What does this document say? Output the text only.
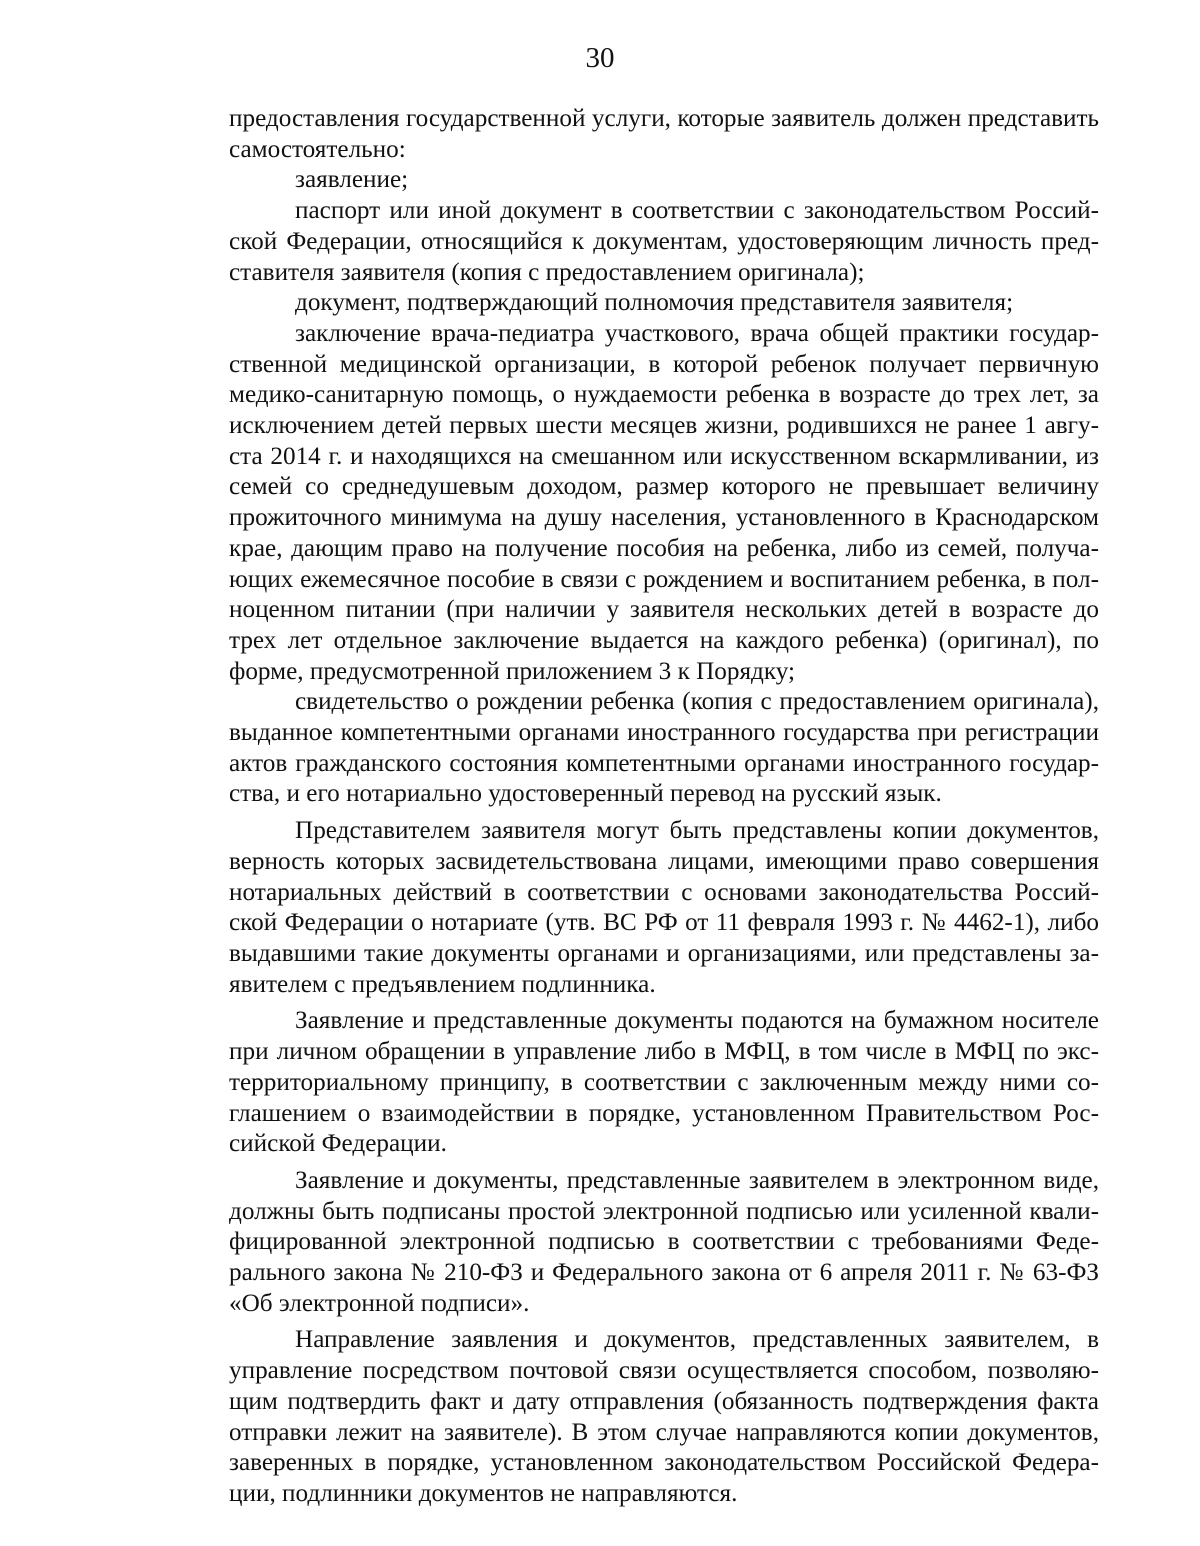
30

предоставления государственной услуги, которые заявитель должен представить самостоятельно:

заявление;

паспорт или иной документ в соответствии с законодательством Российской Федерации, относящийся к документам, удостоверяющим личность представителя заявителя (копия с предоставлением оригинала);

документ, подтверждающий полномочия представителя заявителя;

заключение врача-педиатра участкового, врача общей практики государственной медицинской организации, в которой ребенок получает первичную медико-санитарную помощь, о нуждаемости ребенка в возрасте до трех лет, за исключением детей первых шести месяцев жизни, родившихся не ранее 1 августа 2014 г. и находящихся на смешанном или искусственном вскармливании, из семей со среднедушевым доходом, размер которого не превышает величину прожиточного минимума на душу населения, установленного в Краснодарском крае, дающим право на получение пособия на ребенка, либо из семей, получающих ежемесячное пособие в связи с рождением и воспитанием ребенка, в полноценном питании (при наличии у заявителя нескольких детей в возрасте до трех лет отдельное заключение выдается на каждого ребенка) (оригинал), по форме, предусмотренной приложением 3 к Порядку;

свидетельство о рождении ребенка (копия с предоставлением оригинала), выданное компетентными органами иностранного государства при регистрации актов гражданского состояния компетентными органами иностранного государства, и его нотариально удостоверенный перевод на русский язык.

Представителем заявителя могут быть представлены копии документов, верность которых засвидетельствована лицами, имеющими право совершения нотариальных действий в соответствии с основами законодательства Российской Федерации о нотариате (утв. ВС РФ от 11 февраля 1993 г. № 4462-1), либо выдавшими такие документы органами и организациями, или представлены заявителем с предъявлением подлинника.

Заявление и представленные документы подаются на бумажном носителе при личном обращении в управление либо в МФЦ, в том числе в МФЦ по экстерриториальному принципу, в соответствии с заключенным между ними соглашением о взаимодействии в порядке, установленном Правительством Российской Федерации.

Заявление и документы, представленные заявителем в электронном виде, должны быть подписаны простой электронной подписью или усиленной квалифицированной электронной подписью в соответствии с требованиями Федерального закона № 210-ФЗ и Федерального закона от 6 апреля 2011 г. № 63-ФЗ «Об электронной подписи».

Направление заявления и документов, представленных заявителем, в управление посредством почтовой связи осуществляется способом, позволяющим подтвердить факт и дату отправления (обязанность подтверждения факта отправки лежит на заявителе). В этом случае направляются копии документов, заверенных в порядке, установленном законодательством Российской Федерации, подлинники документов не направляются.
